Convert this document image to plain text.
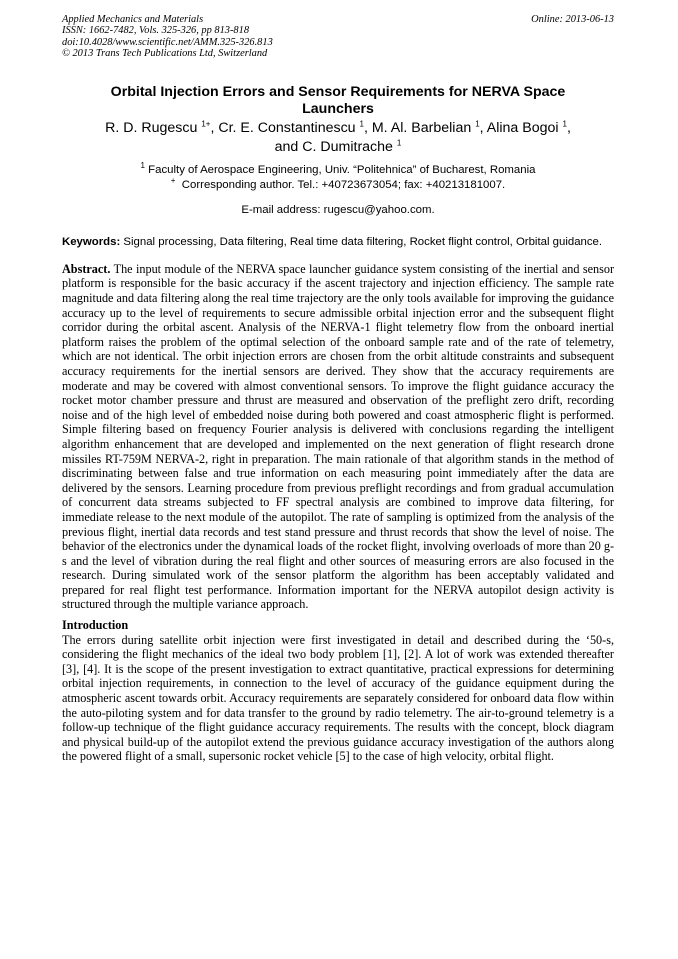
Applied Mechanics and Materials
ISSN: 1662-7482, Vols. 325-326, pp 813-818
doi:10.4028/www.scientific.net/AMM.325-326.813
© 2013 Trans Tech Publications Ltd, Switzerland
Online: 2013-06-13
Orbital Injection Errors and Sensor Requirements for NERVA Space Launchers
R. D. Rugescu $^{1+}$, Cr. E. Constantinescu $^1$, M. Al. Barbelian $^1$, Alina Bogoi $^1$,
and C. Dumitrache $^1$
$^1$ Faculty of Aerospace Engineering, Univ. “Politehnica” of Bucharest, Romania
+ Corresponding author. Tel.: +40723673054; fax: +40213181007.
E-mail address: rugescu@yahoo.com.
Keywords: Signal processing, Data filtering, Real time data filtering, Rocket flight control, Orbital guidance.
Abstract. The input module of the NERVA space launcher guidance system consisting of the inertial and sensor platform is responsible for the basic accuracy if the ascent trajectory and injection efficiency. The sample rate magnitude and data filtering along the real time trajectory are the only tools available for improving the guidance accuracy up to the level of requirements to secure admissible orbital injection error and the subsequent flight corridor during the orbital ascent. Analysis of the NERVA-1 flight telemetry flow from the onboard inertial platform raises the problem of the optimal selection of the onboard sample rate and of the rate of telemetry, which are not identical. The orbit injection errors are chosen from the orbit altitude constraints and subsequent accuracy requirements for the inertial sensors are derived. They show that the accuracy requirements are moderate and may be covered with almost conventional sensors. To improve the flight guidance accuracy the rocket motor chamber pressure and thrust are measured and observation of the preflight zero drift, recording noise and of the high level of embedded noise during both powered and coast atmospheric flight is performed. Simple filtering based on frequency Fourier analysis is delivered with conclusions regarding the intelligent algorithm enhancement that are developed and implemented on the next generation of flight research drone missiles RT-759M NERVA-2, right in preparation. The main rationale of that algorithm stands in the method of discriminating between false and true information on each measuring point immediately after the data are delivered by the sensors. Learning procedure from previous preflight recordings and from gradual accumulation of concurrent data streams subjected to FF spectral analysis are combined to improve data filtering, for immediate release to the next module of the autopilot. The rate of sampling is optimized from the analysis of the previous flight, inertial data records and test stand pressure and thrust records that show the level of noise. The behavior of the electronics under the dynamical loads of the rocket flight, involving overloads of more than 20 g-s and the level of vibration during the real flight and other sources of measuring errors are also focused in the research. During simulated work of the sensor platform the algorithm has been acceptably validated and prepared for real flight test performance. Information important for the NERVA autopilot design activity is structured through the multiple variance approach.
Introduction
The errors during satellite orbit injection were first investigated in detail and described during the ‘50-s, considering the flight mechanics of the ideal two body problem [1], [2]. A lot of work was extended thereafter [3], [4]. It is the scope of the present investigation to extract quantitative, practical expressions for determining orbital injection requirements, in connection to the level of accuracy of the guidance equipment during the atmospheric ascent towards orbit. Accuracy requirements are separately considered for onboard data flow within the auto-piloting system and for data transfer to the ground by radio telemetry. The air-to-ground telemetry is a follow-up technique of the flight guidance accuracy requirements. The results with the concept, block diagram and physical build-up of the autopilot extend the previous guidance accuracy investigation of the authors along the powered flight of a small, supersonic rocket vehicle [5] to the case of high velocity, orbital flight.
